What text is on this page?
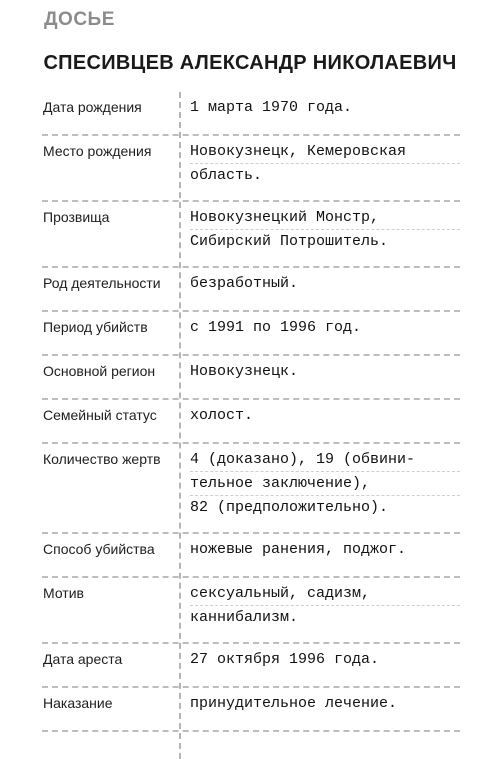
ДОСЬЕ
СПЕСИВЦЕВ АЛЕКСАНДР НИКОЛАЕВИЧ
Дата рождения	1 марта 1970 года.
Место рождения	Новокузнецк, Кемеровская
область.
Прозвища	Новокузнецкий Монстр,
Сибирский Потрошитель.
Род деятельности	безработный.
Период убийств	с 1991 по 1996 год.
Основной регион	Новокузнецк.
Семейный статус	холост.
Количество жертв	4 (доказано), 19 (обвини-
тельное заключение),
82 (предположительно).
Способ убийства	ножевые ранения, поджог.
Мотив	сексуальный, садизм,
каннибализм.
Дата ареста	27 октября 1996 года.
Наказание	принудительное лечение.
